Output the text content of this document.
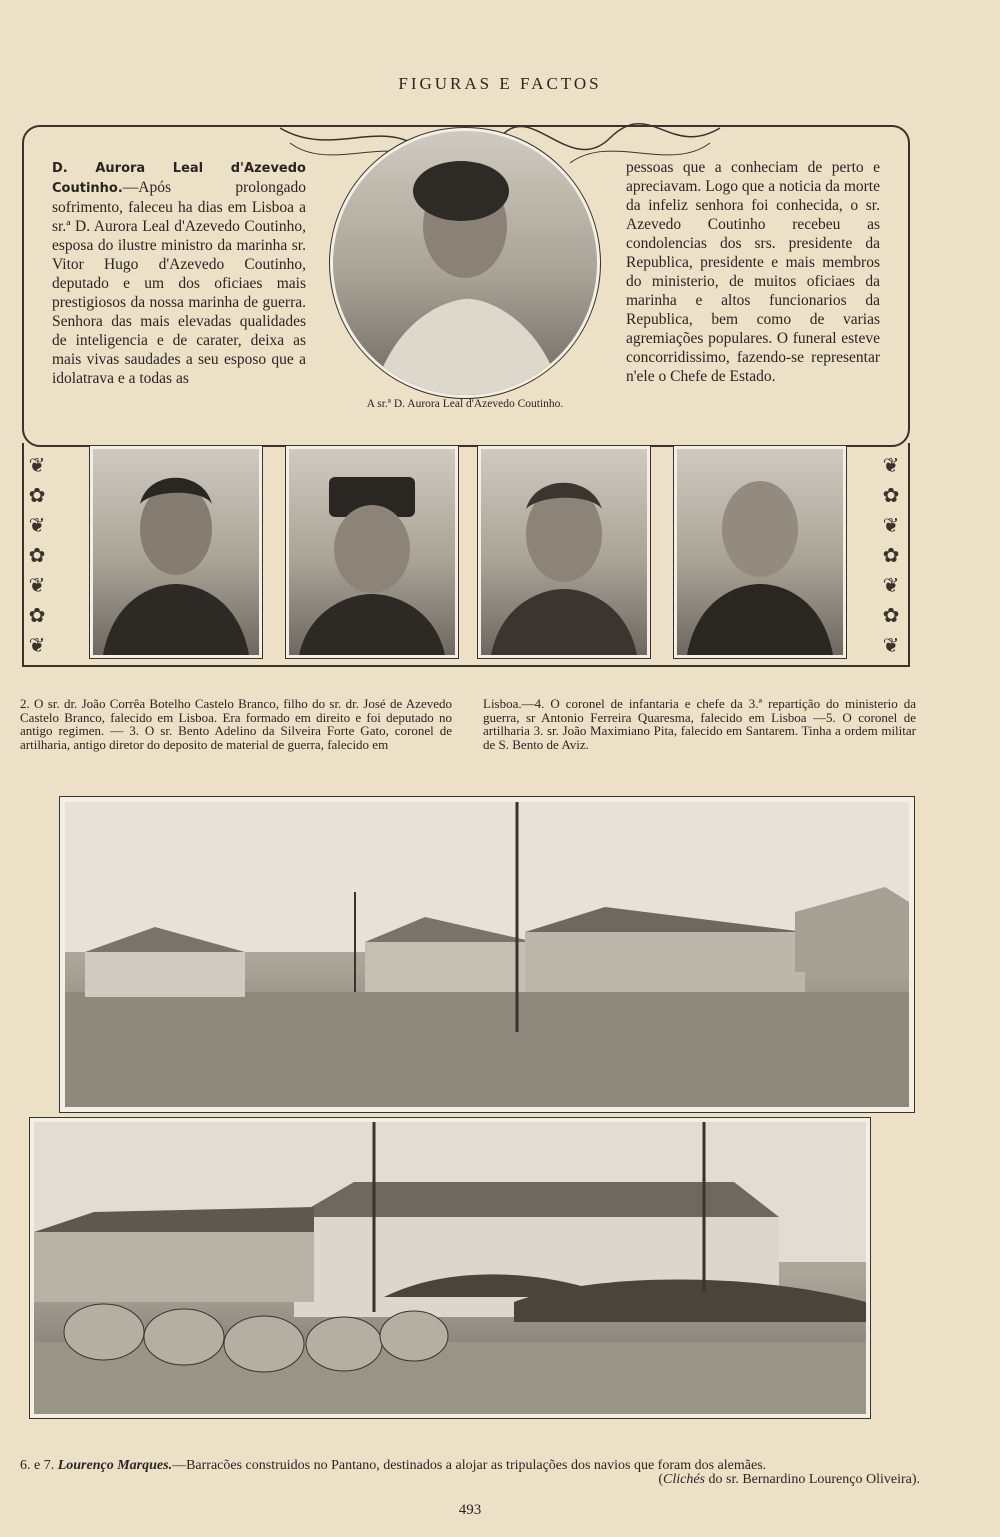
FIGURAS E FACTOS
D. Aurora Leal d'Azevedo Coutinho.—Após prolongado sofrimento, faleceu ha dias em Lisboa a sr.ª D. Aurora Leal d'Azevedo Coutinho, esposa do ilustre ministro da marinha sr. Vitor Hugo d'Azevedo Coutinho, deputado e um dos oficiaes mais prestigiosos da nossa marinha de guerra. Senhora das mais elevadas qualidades de inteligencia e de carater, deixa as mais vivas saudades a seu esposo que a idolatrava e a todas as
A sr.ª D. Aurora Leal d'Azevedo Coutinho.
pessoas que a conheciam de perto e apreciavam. Logo que a noticia da morte da infeliz senhora foi conhecida, o sr. Azevedo Coutinho recebeu as condolencias dos srs. presidente da Republica, presidente e mais membros do ministerio, de muitos oficiaes da marinha e altos funcionarios da Republica, bem como de varias agremiações populares. O funeral esteve concorridissimo, fazendo-se representar n'ele o Chefe de Estado.
❦
✿
❦
✿
❦
✿
❦
❦
✿
❦
✿
❦
✿
❦
2. O sr. dr. João Corrêa Botelho Castelo Branco, filho do sr. dr. José de Azevedo Castelo Branco, falecido em Lisboa. Era formado em direito e foi deputado no antigo regimen. — 3. O sr. Bento Adelino da Silveira Forte Gato, coronel de artilharia, antigo diretor do deposito de material de guerra, falecido em
Lisboa.—4. O coronel de infantaria e chefe da 3.ª repartição do ministerio da guerra, sr Antonio Ferreira Quaresma, falecido em Lisboa —5. O coronel de artilharia 3. sr. João Maximiano Pita, falecido em Santarem. Tinha a ordem militar de S. Bento de Aviz.
6. e 7. Lourenço Marques.—Barracões construidos no Pantano, destinados a alojar as tripulações dos navios que foram dos alemães.
(Clichés do sr. Bernardino Lourenço Oliveira).
493
